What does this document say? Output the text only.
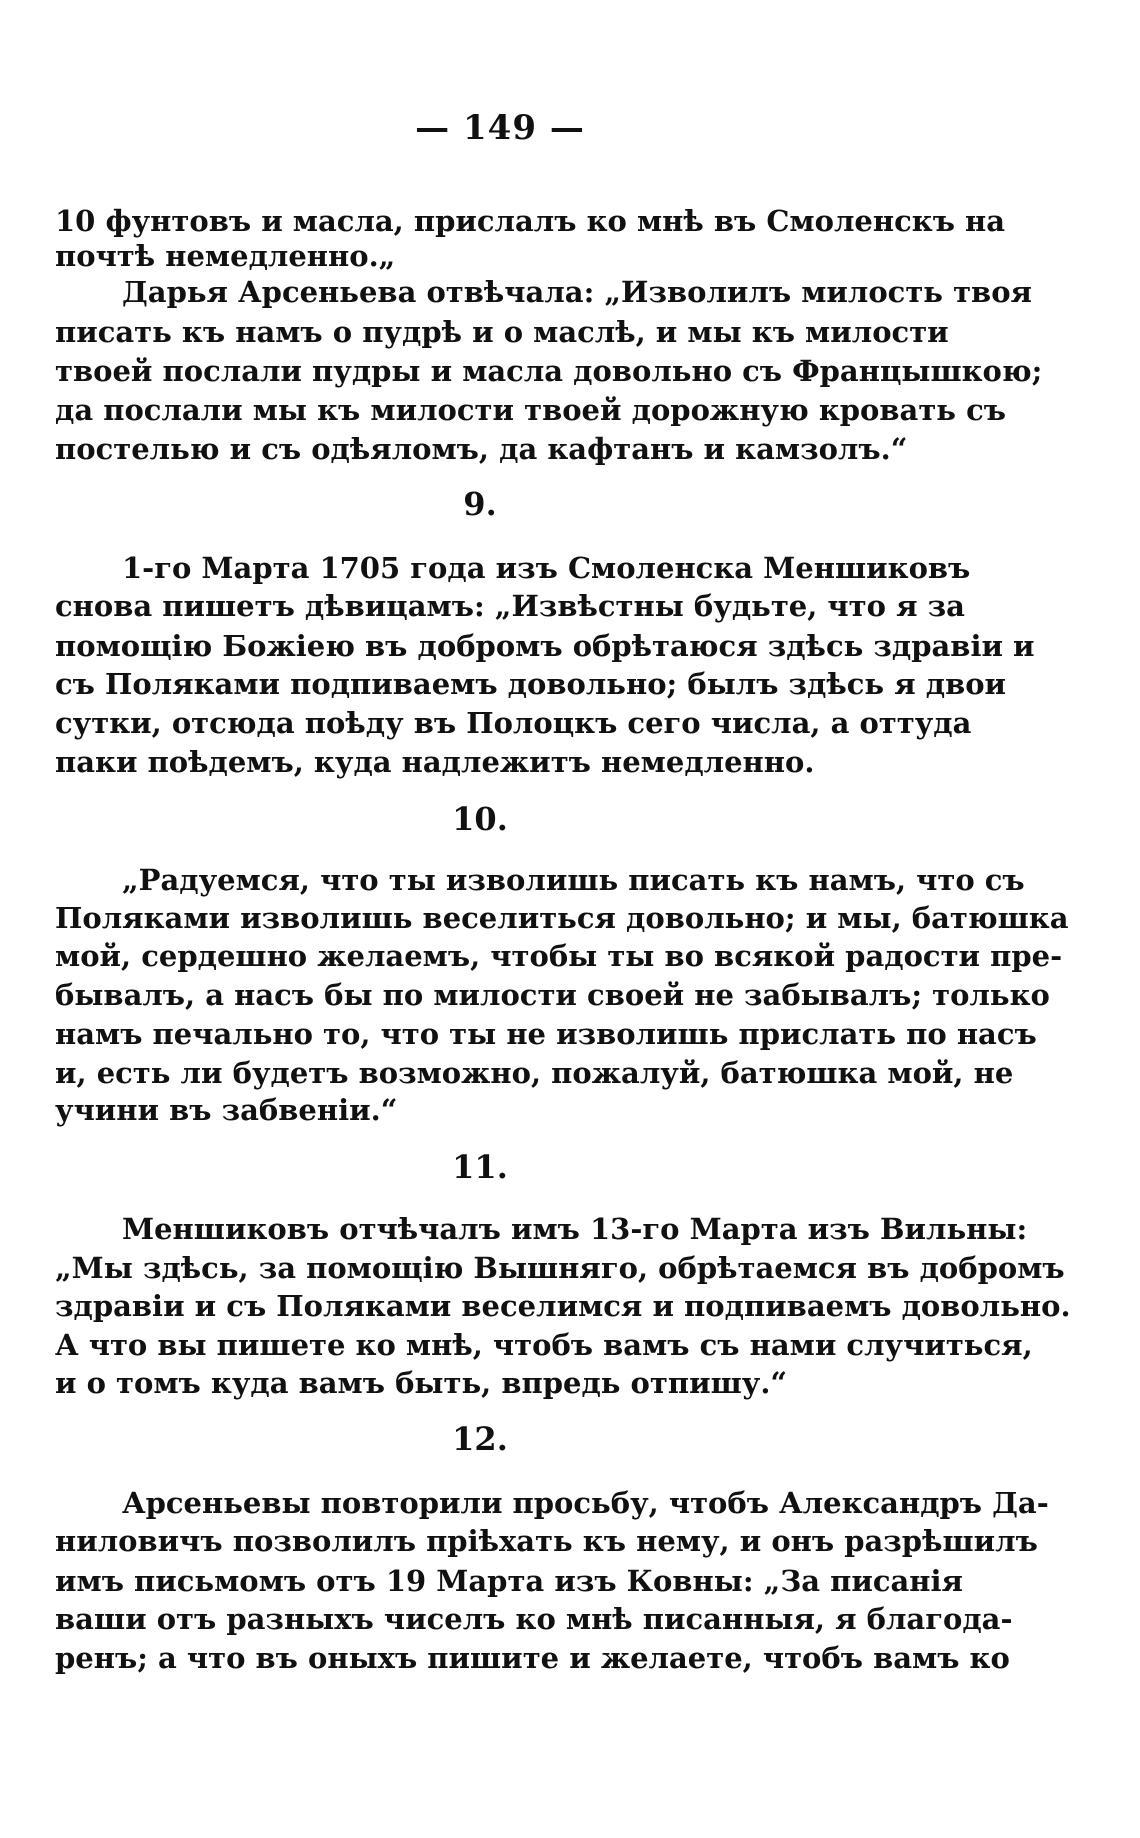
— 149 —
10 фунтовъ и масла, прислалъ ко мнѣ въ Смоленскъ на
почтѣ немедленно.„
Дарья Арсеньева отвѣчала: „Изволилъ милость твоя
писать къ намъ о пудрѣ и о маслѣ, и мы къ милости
твоей послали пудры и масла довольно съ Францышкою;
да послали мы къ милости твоей дорожную кровать съ
постелью и съ одѣяломъ, да кафтанъ и камзолъ.“
9.
1-го Марта 1705 года изъ Смоленска Меншиковъ
снова пишетъ дѣвицамъ: „Извѣстны будьте, что я за
помощію Божіею въ добромъ обрѣтаюся здѣсь здравіи и
съ Поляками подпиваемъ довольно; былъ здѣсь я двои
сутки, отсюда поѣду въ Полоцкъ сего числа, а оттуда
паки поѣдемъ, куда надлежитъ немедленно.
10.
„Радуемся, что ты изволишь писать къ намъ, что съ
Поляками изволишь веселиться довольно; и мы, батюшка
мой, сердешно желаемъ, чтобы ты во всякой радости пре-
бывалъ, а насъ бы по милости своей не забывалъ; только
намъ печально то, что ты не изволишь прислать по насъ
и, есть ли будетъ возможно, пожалуй, батюшка мой, не
учини въ забвеніи.“
11.
Меншиковъ отчѣчалъ имъ 13-го Марта изъ Вильны:
„Мы здѣсь, за помощію Вышняго, обрѣтаемся въ добромъ
здравіи и съ Поляками веселимся и подпиваемъ довольно.
А что вы пишете ко мнѣ, чтобъ вамъ съ нами случиться,
и о томъ куда вамъ быть, впредь отпишу.“
12.
Арсеньевы повторили просьбу, чтобъ Александръ Да-
ниловичъ позволилъ пріѣхать къ нему, и онъ разрѣшилъ
имъ письмомъ отъ 19 Марта изъ Ковны: „За писанія
ваши отъ разныхъ чиселъ ко мнѣ писанныя, я благода-
ренъ; а что въ оныхъ пишите и желаете, чтобъ вамъ ко
